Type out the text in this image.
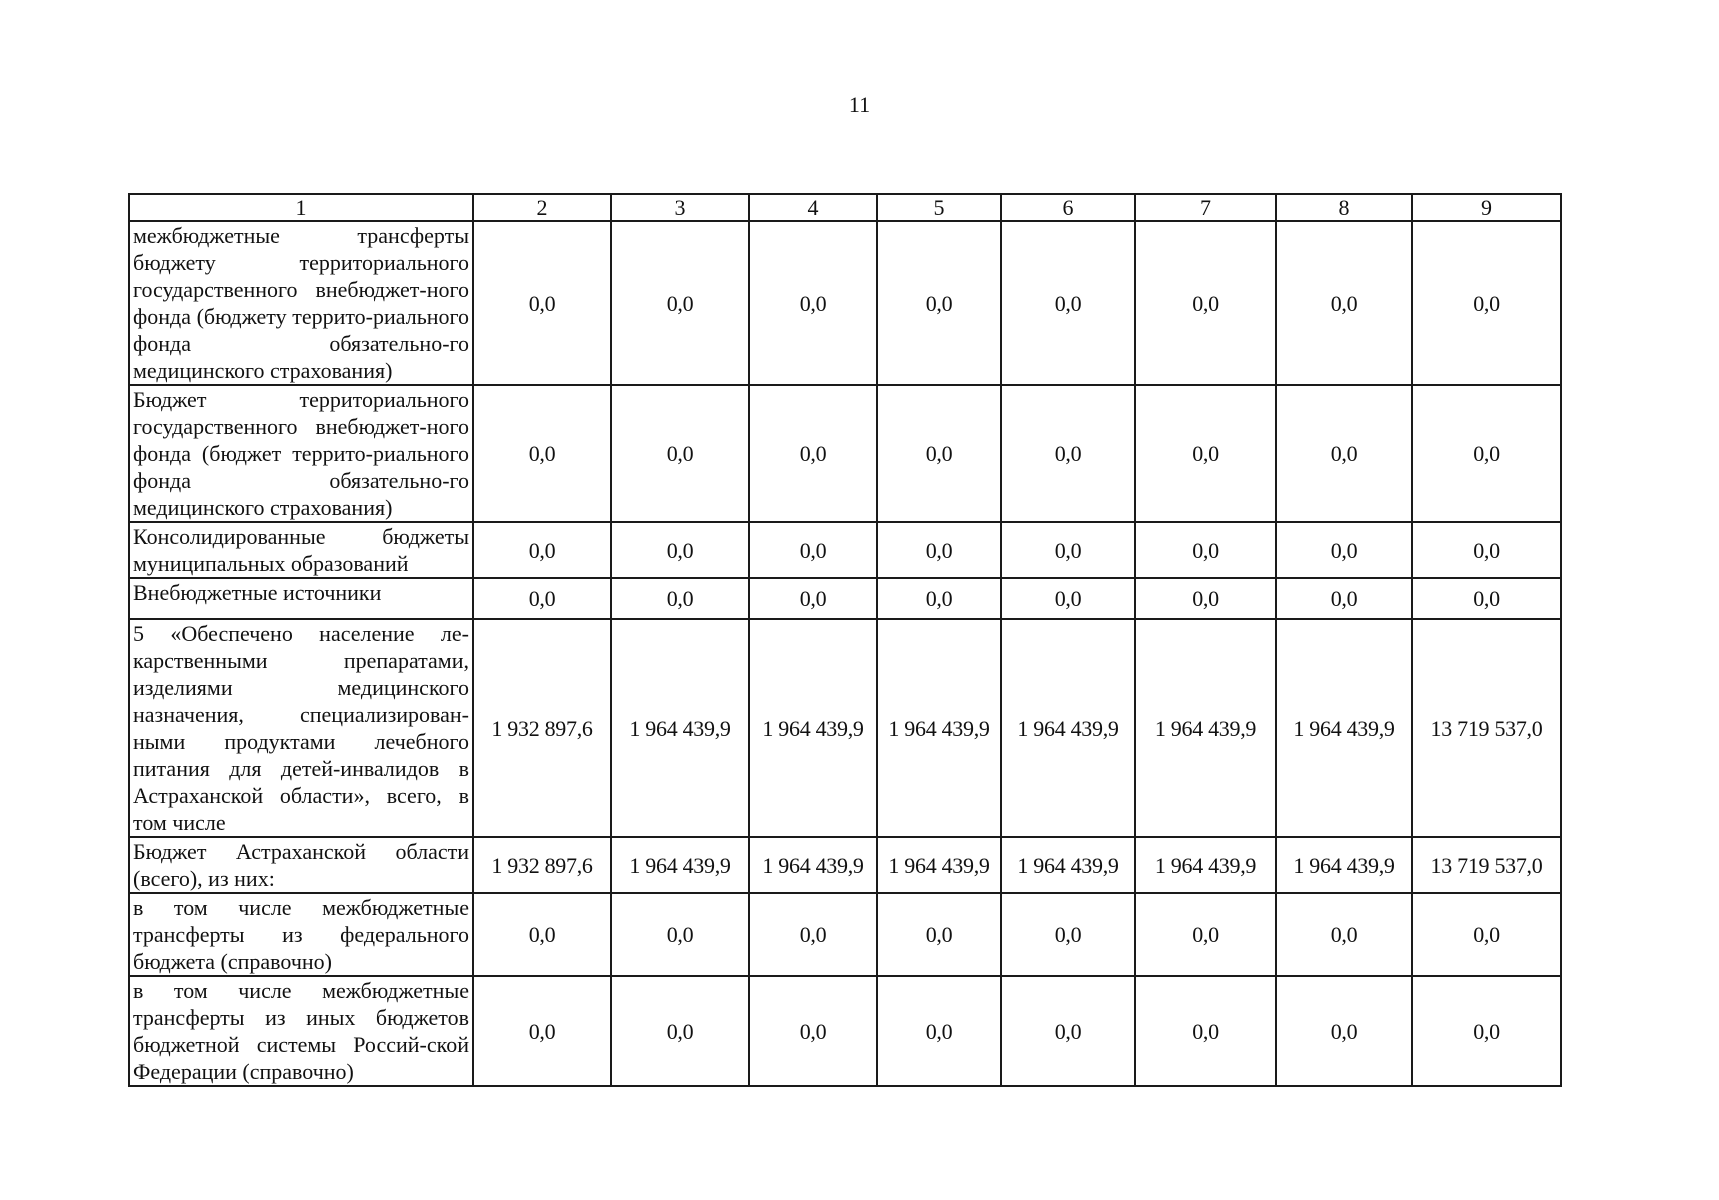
11
1	2	3	4	5	6	7	8	9
межбюджетные трансферты бюджету территориального государственного внебюджет-ного фонда (бюджету террито-риального фонда обязательно-го медицинского страхования)	0,0	0,0	0,0	0,0	0,0	0,0	0,0	0,0
Бюджет территориального государственного внебюджет-ного фонда (бюджет террито-риального фонда обязательно-го медицинского страхования)	0,0	0,0	0,0	0,0	0,0	0,0	0,0	0,0
Консолидированные бюджеты муниципальных образований	0,0	0,0	0,0	0,0	0,0	0,0	0,0	0,0
Внебюджетные источники	0,0	0,0	0,0	0,0	0,0	0,0	0,0	0,0
5 «Обеспечено население ле-карственными препаратами, изделиями медицинского назначения, специализирован-ными продуктами лечебного питания для детей-инвалидов в Астраханской области», всего, в том числе	1 932 897,6	1 964 439,9	1 964 439,9	1 964 439,9	1 964 439,9	1 964 439,9	1 964 439,9	13 719 537,0
Бюджет Астраханской области (всего), из них:	1 932 897,6	1 964 439,9	1 964 439,9	1 964 439,9	1 964 439,9	1 964 439,9	1 964 439,9	13 719 537,0
в том числе межбюджетные трансферты из федерального бюджета (справочно)	0,0	0,0	0,0	0,0	0,0	0,0	0,0	0,0
в том числе межбюджетные трансферты из иных бюджетов бюджетной системы Россий-ской Федерации (справочно)	0,0	0,0	0,0	0,0	0,0	0,0	0,0	0,0
